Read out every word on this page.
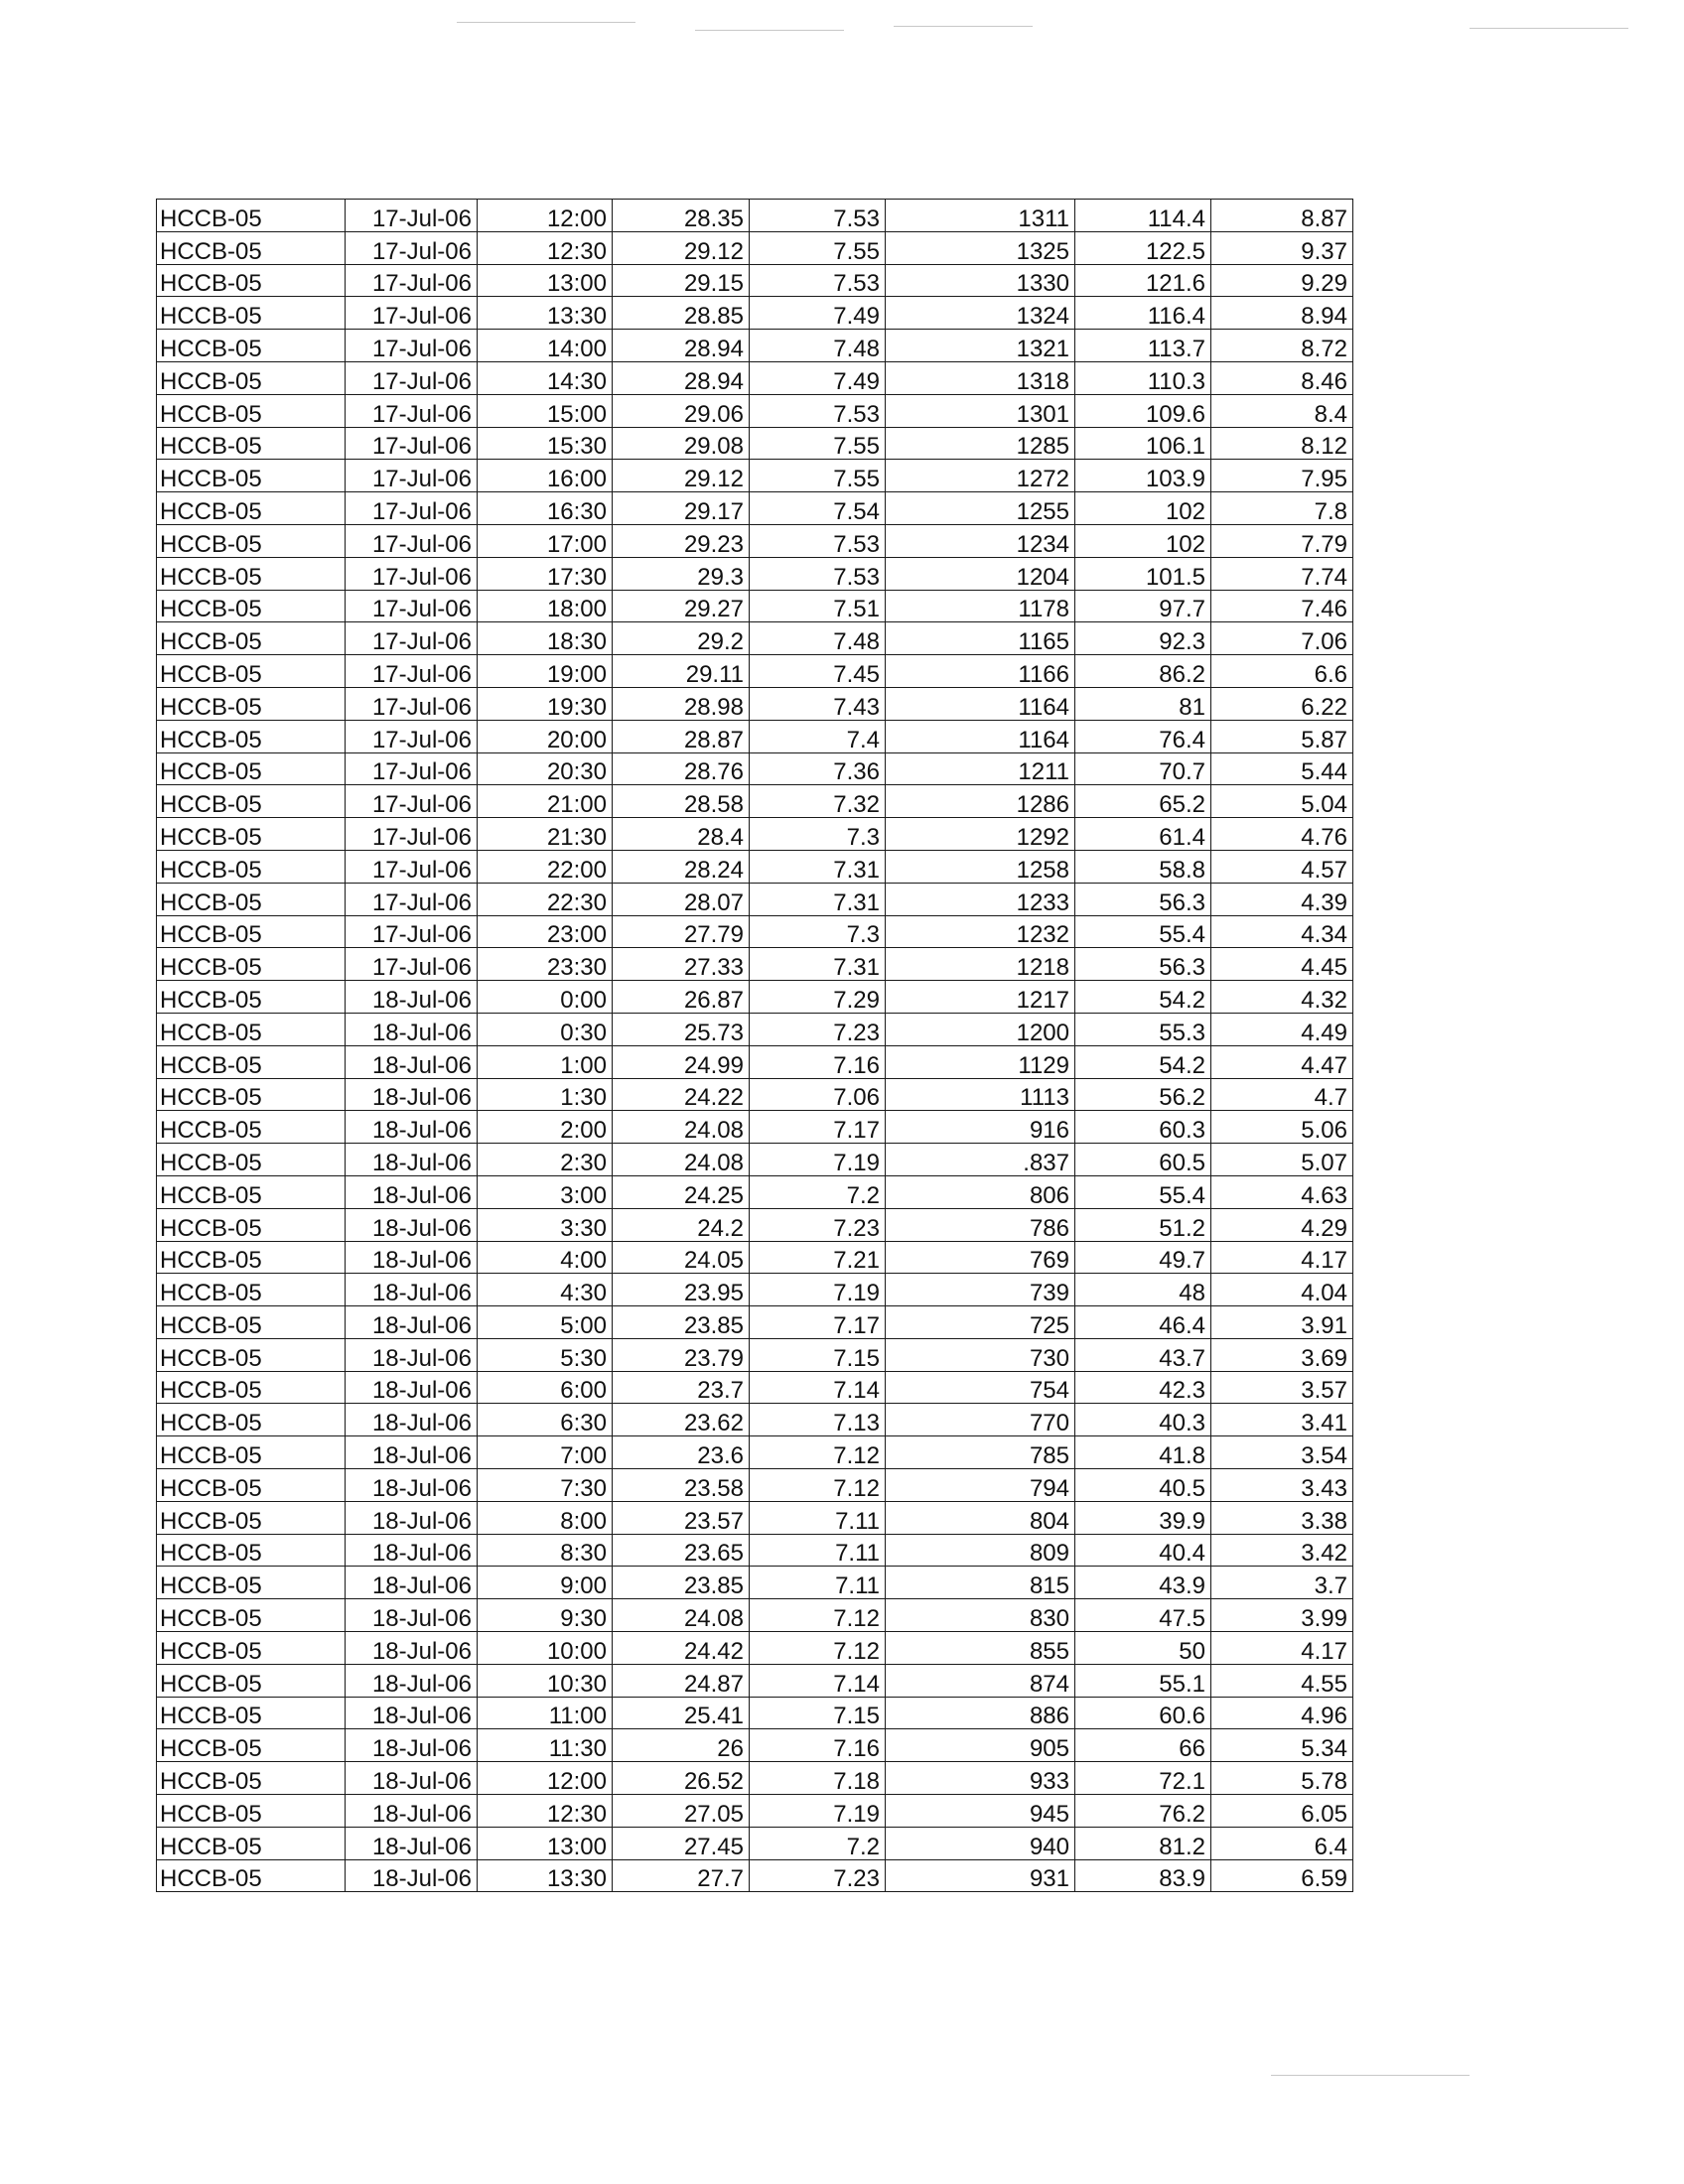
HCCB-05	17-Jul-06	12:00	28.35	7.53	1311	114.4	8.87
HCCB-05	17-Jul-06	12:30	29.12	7.55	1325	122.5	9.37
HCCB-05	17-Jul-06	13:00	29.15	7.53	1330	121.6	9.29
HCCB-05	17-Jul-06	13:30	28.85	7.49	1324	116.4	8.94
HCCB-05	17-Jul-06	14:00	28.94	7.48	1321	113.7	8.72
HCCB-05	17-Jul-06	14:30	28.94	7.49	1318	110.3	8.46
HCCB-05	17-Jul-06	15:00	29.06	7.53	1301	109.6	8.4
HCCB-05	17-Jul-06	15:30	29.08	7.55	1285	106.1	8.12
HCCB-05	17-Jul-06	16:00	29.12	7.55	1272	103.9	7.95
HCCB-05	17-Jul-06	16:30	29.17	7.54	1255	102	7.8
HCCB-05	17-Jul-06	17:00	29.23	7.53	1234	102	7.79
HCCB-05	17-Jul-06	17:30	29.3	7.53	1204	101.5	7.74
HCCB-05	17-Jul-06	18:00	29.27	7.51	1178	97.7	7.46
HCCB-05	17-Jul-06	18:30	29.2	7.48	1165	92.3	7.06
HCCB-05	17-Jul-06	19:00	29.11	7.45	1166	86.2	6.6
HCCB-05	17-Jul-06	19:30	28.98	7.43	1164	81	6.22
HCCB-05	17-Jul-06	20:00	28.87	7.4	1164	76.4	5.87
HCCB-05	17-Jul-06	20:30	28.76	7.36	1211	70.7	5.44
HCCB-05	17-Jul-06	21:00	28.58	7.32	1286	65.2	5.04
HCCB-05	17-Jul-06	21:30	28.4	7.3	1292	61.4	4.76
HCCB-05	17-Jul-06	22:00	28.24	7.31	1258	58.8	4.57
HCCB-05	17-Jul-06	22:30	28.07	7.31	1233	56.3	4.39
HCCB-05	17-Jul-06	23:00	27.79	7.3	1232	55.4	4.34
HCCB-05	17-Jul-06	23:30	27.33	7.31	1218	56.3	4.45
HCCB-05	18-Jul-06	0:00	26.87	7.29	1217	54.2	4.32
HCCB-05	18-Jul-06	0:30	25.73	7.23	1200	55.3	4.49
HCCB-05	18-Jul-06	1:00	24.99	7.16	1129	54.2	4.47
HCCB-05	18-Jul-06	1:30	24.22	7.06	1113	56.2	4.7
HCCB-05	18-Jul-06	2:00	24.08	7.17	916	60.3	5.06
HCCB-05	18-Jul-06	2:30	24.08	7.19	.837	60.5	5.07
HCCB-05	18-Jul-06	3:00	24.25	7.2	806	55.4	4.63
HCCB-05	18-Jul-06	3:30	24.2	7.23	786	51.2	4.29
HCCB-05	18-Jul-06	4:00	24.05	7.21	769	49.7	4.17
HCCB-05	18-Jul-06	4:30	23.95	7.19	739	48	4.04
HCCB-05	18-Jul-06	5:00	23.85	7.17	725	46.4	3.91
HCCB-05	18-Jul-06	5:30	23.79	7.15	730	43.7	3.69
HCCB-05	18-Jul-06	6:00	23.7	7.14	754	42.3	3.57
HCCB-05	18-Jul-06	6:30	23.62	7.13	770	40.3	3.41
HCCB-05	18-Jul-06	7:00	23.6	7.12	785	41.8	3.54
HCCB-05	18-Jul-06	7:30	23.58	7.12	794	40.5	3.43
HCCB-05	18-Jul-06	8:00	23.57	7.11	804	39.9	3.38
HCCB-05	18-Jul-06	8:30	23.65	7.11	809	40.4	3.42
HCCB-05	18-Jul-06	9:00	23.85	7.11	815	43.9	3.7
HCCB-05	18-Jul-06	9:30	24.08	7.12	830	47.5	3.99
HCCB-05	18-Jul-06	10:00	24.42	7.12	855	50	4.17
HCCB-05	18-Jul-06	10:30	24.87	7.14	874	55.1	4.55
HCCB-05	18-Jul-06	11:00	25.41	7.15	886	60.6	4.96
HCCB-05	18-Jul-06	11:30	26	7.16	905	66	5.34
HCCB-05	18-Jul-06	12:00	26.52	7.18	933	72.1	5.78
HCCB-05	18-Jul-06	12:30	27.05	7.19	945	76.2	6.05
HCCB-05	18-Jul-06	13:00	27.45	7.2	940	81.2	6.4
HCCB-05	18-Jul-06	13:30	27.7	7.23	931	83.9	6.59
